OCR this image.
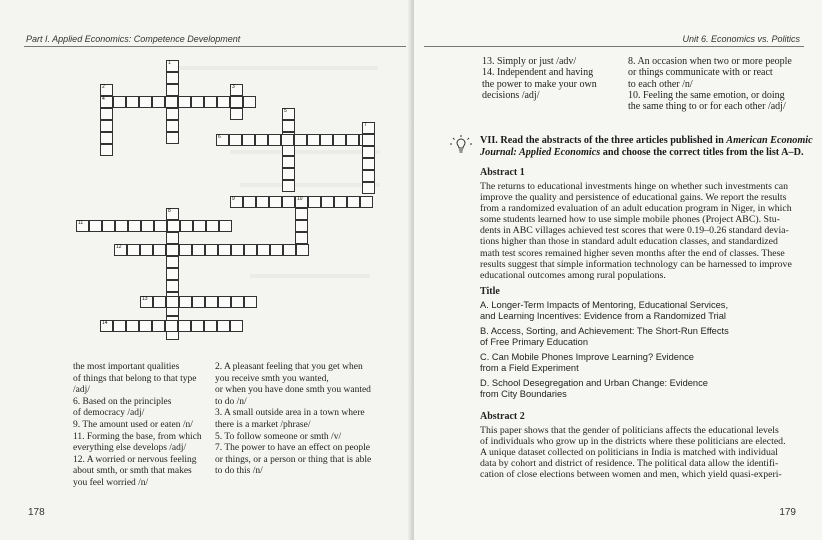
Part I. Applied Economics: Competence Development
1
2	3
4
5
6
7
8
9	10
11
12
13
14
the most important qualities
of things that belong to that type
/adj/
6. Based on the principles
of democracy /adj/
9. The amount used or eaten /n/
11. Forming the base, from which
everything else develops /adj/
12. A worried or nervous feeling
about smth, or smth that makes
you feel worried /n/
2. A pleasant feeling that you get when
you receive smth you wanted,
or when you have done smth you wanted
to do /n/
3. A small outside area in a town where
there is a market /phrase/
5. To follow someone or smth /v/
7. The power to have an effect on people
or things, or a person or thing that is able
to do this /n/
178
Unit 6. Economics vs. Politics
13. Simply or just /adv/
14. Independent and having
the power to make your own
decisions /adj/
8. An occasion when two or more people
or things communicate with or react
to each other /n/
10. Feeling the same emotion, or doing
the same thing to or for each other /adj/
VII. Read the abstracts of the three articles published in American Economic
Journal: Applied Economics and choose the correct titles from the list A–D.
Abstract 1
The returns to educational investments hinge on whether such investments can
improve the quality and persistence of educational gains. We report the results
from a randomized evaluation of an adult education program in Niger, in which
some students learned how to use simple mobile phones (Project ABC). Stu-
dents in ABC villages achieved test scores that were 0.19–0.26 standard devia-
tions higher than those in standard adult education classes, and standardized
math test scores remained higher seven months after the end of classes. These
results suggest that simple information technology can be harnessed to improve
educational outcomes among rural populations.
Title
A. Longer-Term Impacts of Mentoring, Educational Services,
and Learning Incentives: Evidence from a Randomized Trial
B. Access, Sorting, and Achievement: The Short-Run Effects
of Free Primary Education
C. Can Mobile Phones Improve Learning? Evidence
from a Field Experiment
D. School Desegregation and Urban Change: Evidence
from City Boundaries
Abstract 2
This paper shows that the gender of politicians affects the educational levels
of individuals who grow up in the districts where these politicians are elected.
A unique dataset collected on politicians in India is matched with individual
data by cohort and district of residence. The political data allow the identifi-
cation of close elections between women and men, which yield quasi-experi-
179
